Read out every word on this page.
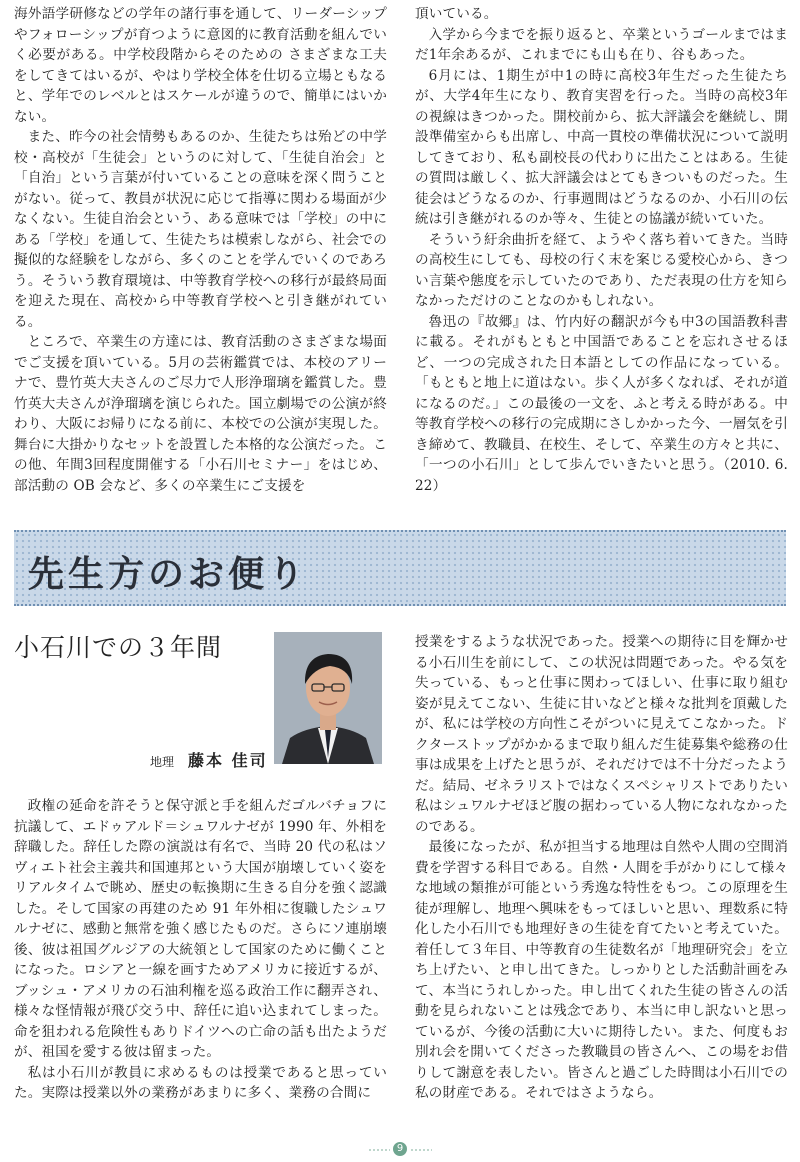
海外語学研修などの学年の諸行事を通して、リーダーシップやフォローシップが育つように意図的に教育活動を組んでいく必要がある。中学校段階からそのための さまざまな工夫をしてきてはいるが、やはり学校全体を仕切る立場ともなると、学年でのレベルとはスケールが違うので、簡単にはいかない。

また、昨今の社会情勢もあるのか、生徒たちは殆どの中学校・高校が「生徒会」というのに対して、「生徒自治会」と「自治」という言葉が付いていることの意味を深く問うことがない。従って、教員が状況に応じて指導に関わる場面が少なくない。生徒自治会という、ある意味では「学校」の中にある「学校」を通して、生徒たちは模索しながら、社会での擬似的な経験をしながら、多くのことを学んでいくのであろう。そういう教育環境は、中等教育学校への移行が最終局面を迎えた現在、高校から中等教育学校へと引き継がれている。

ところで、卒業生の方達には、教育活動のさまざまな場面でご支援を頂いている。5月の芸術鑑賞では、本校のアリーナで、豊竹英大夫さんのご尽力で人形浄瑠璃を鑑賞した。豊竹英大夫さんが浄瑠璃を演じられた。国立劇場での公演が終わり、大阪にお帰りになる前に、本校での公演が実現した。舞台に大掛かりなセットを設置した本格的な公演だった。この他、年間3回程度開催する「小石川セミナー」をはじめ、部活動の OB 会など、多くの卒業生にご支援を

頂いている。

入学から今までを振り返ると、卒業というゴールまではまだ1年余あるが、これまでにも山も在り、谷もあった。

6月には、1期生が中1の時に高校3年生だった生徒たちが、大学4年生になり、教育実習を行った。当時の高校3年の視線はきつかった。開校前から、拡大評議会を継続し、開設準備室からも出席し、中高一貫校の準備状況について説明してきており、私も副校長の代わりに出たことはある。生徒の質問は厳しく、拡大評議会はとてもきついものだった。生徒会はどうなるのか、行事週間はどうなるのか、小石川の伝統は引き継がれるのか等々、生徒との協議が続いていた。

そういう紆余曲折を経て、ようやく落ち着いてきた。当時の高校生にしても、母校の行く末を案じる愛校心から、きつい言葉や態度を示していたのであり、ただ表現の仕方を知らなかっただけのことなのかもしれない。

魯迅の『故郷』は、竹内好の翻訳が今も中3の国語教科書に載る。それがもともと中国語であることを忘れさせるほど、一つの完成された日本語としての作品になっている。「もともと地上に道はない。歩く人が多くなれば、それが道になるのだ。」この最後の一文を、ふと考える時がある。中等教育学校への移行の完成期にさしかかった今、一層気を引き締めて、教職員、在校生、そして、卒業生の方々と共に、「一つの小石川」として歩んでいきたいと思う。（2010. 6. 22）

先生方のお便り
小石川での３年間
地理 藤本 佳司

政権の延命を許そうと保守派と手を組んだゴルバチョフに抗議して、エドゥアルド＝シュワルナゼが 1990 年、外相を辞職した。辞任した際の演説は有名で、当時 20 代の私はソヴィエト社会主義共和国連邦という大国が崩壊していく姿をリアルタイムで眺め、歴史の転換期に生きる自分を強く認識した。そして国家の再建のため 91 年外相に復職したシュワルナゼに、感動と無常を強く感じたものだ。さらにソ連崩壊後、彼は祖国グルジアの大統領として国家のために働くことになった。ロシアと一線を画すためアメリカに接近するが、ブッシュ・アメリカの石油利権を巡る政治工作に翻弄され、様々な怪情報が飛び交う中、辞任に追い込まれてしまった。命を狙われる危険性もありドイツへの亡命の話も出たようだが、祖国を愛する彼は留まった。

私は小石川が教員に求めるものは授業であると思っていた。実際は授業以外の業務があまりに多く、業務の合間に

授業をするような状況であった。授業への期待に目を輝かせる小石川生を前にして、この状況は問題であった。やる気を失っている、もっと仕事に関わってほしい、仕事に取り組む姿が見えてこない、生徒に甘いなどと様々な批判を頂戴したが、私には学校の方向性こそがついに見えてこなかった。ドクターストップがかかるまで取り組んだ生徒募集や総務の仕事は成果を上げたと思うが、それだけでは不十分だったようだ。結局、ゼネラリストではなくスペシャリストでありたい私はシュワルナゼほど腹の据わっている人物になれなかったのである。

最後になったが、私が担当する地理は自然や人間の空間消費を学習する科目である。自然・人間を手がかりにして様々な地域の類推が可能という秀逸な特性をもつ。この原理を生徒が理解し、地理へ興味をもってほしいと思い、理数系に特化した小石川でも地理好きの生徒を育てたいと考えていた。着任して３年目、中等教育の生徒数名が「地理研究会」を立ち上げたい、と申し出てきた。しっかりとした活動計画をみて、本当にうれしかった。申し出てくれた生徒の皆さんの活動を見られないことは残念であり、本当に申し訳ないと思っているが、今後の活動に大いに期待したい。また、何度もお別れ会を開いてくださった教職員の皆さんへ、この場をお借りして謝意を表したい。皆さんと過ごした時間は小石川での私の財産である。それではさようなら。

9
